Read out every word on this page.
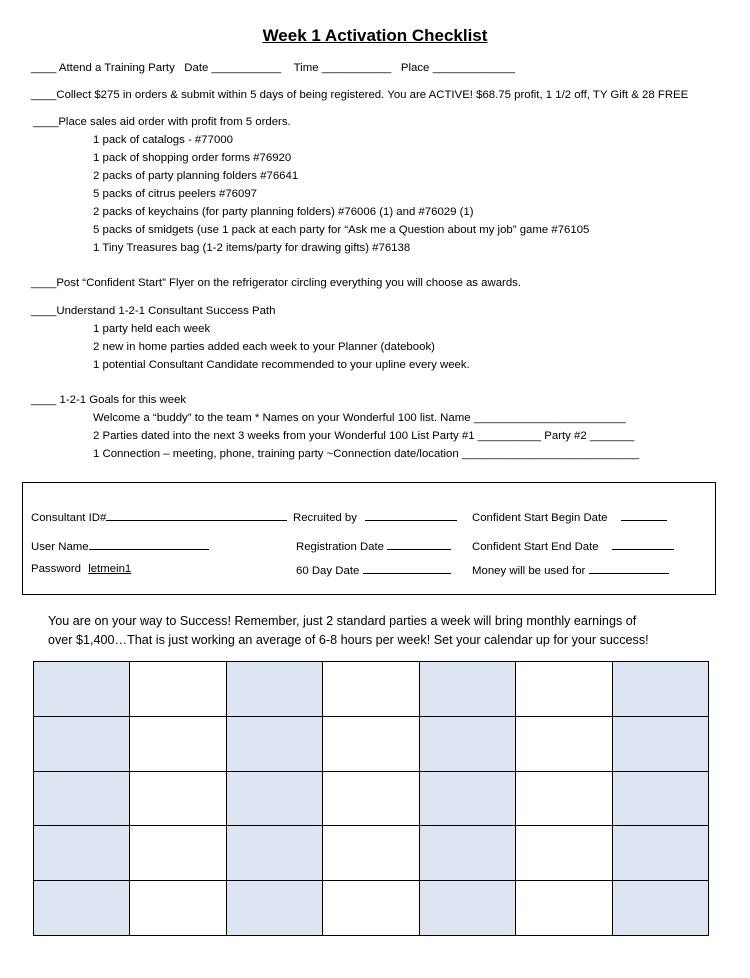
Week 1 Activation Checklist
____ Attend a Training Party Date ___________ Time ___________ Place _____________
____Collect $275 in orders & submit within 5 days of being registered. You are ACTIVE! $68.75 profit, 1 1/2 off, TY Gift & 28 FREE
____Place sales aid order with profit from 5 orders.
1 pack of catalogs - #77000
1 pack of shopping order forms #76920
2 packs of party planning folders #76641
5 packs of citrus peelers #76097
2 packs of keychains (for party planning folders) #76006 (1) and #76029 (1)
5 packs of smidgets (use 1 pack at each party for “Ask me a Question about my job” game #76105
1 Tiny Treasures bag (1-2 items/party for drawing gifts) #76138
____Post “Confident Start” Flyer on the refrigerator circling everything you will choose as awards.
____Understand 1-2-1 Consultant Success Path
1 party held each week
2 new in home parties added each week to your Planner (datebook)
1 potential Consultant Candidate recommended to your upline every week.
____ 1-2-1 Goals for this week
Welcome a “buddy” to the team * Names on your Wonderful 100 list. Name ________________________
2 Parties dated into the next 3 weeks from your Wonderful 100 List Party #1 __________ Party #2 _______
1 Connection – meeting, phone, training party ~Connection date/location ____________________________
Consultant ID#	Recruited by	Confident Start Begin Date
User Name	Registration Date	Confident Start End Date
Password letmein1	60 Day Date	Money will be used for
You are on your way to Success! Remember, just 2 standard parties a week will bring monthly earnings of
over $1,400…That is just working an average of 6-8 hours per week! Set your calendar up for your success!
